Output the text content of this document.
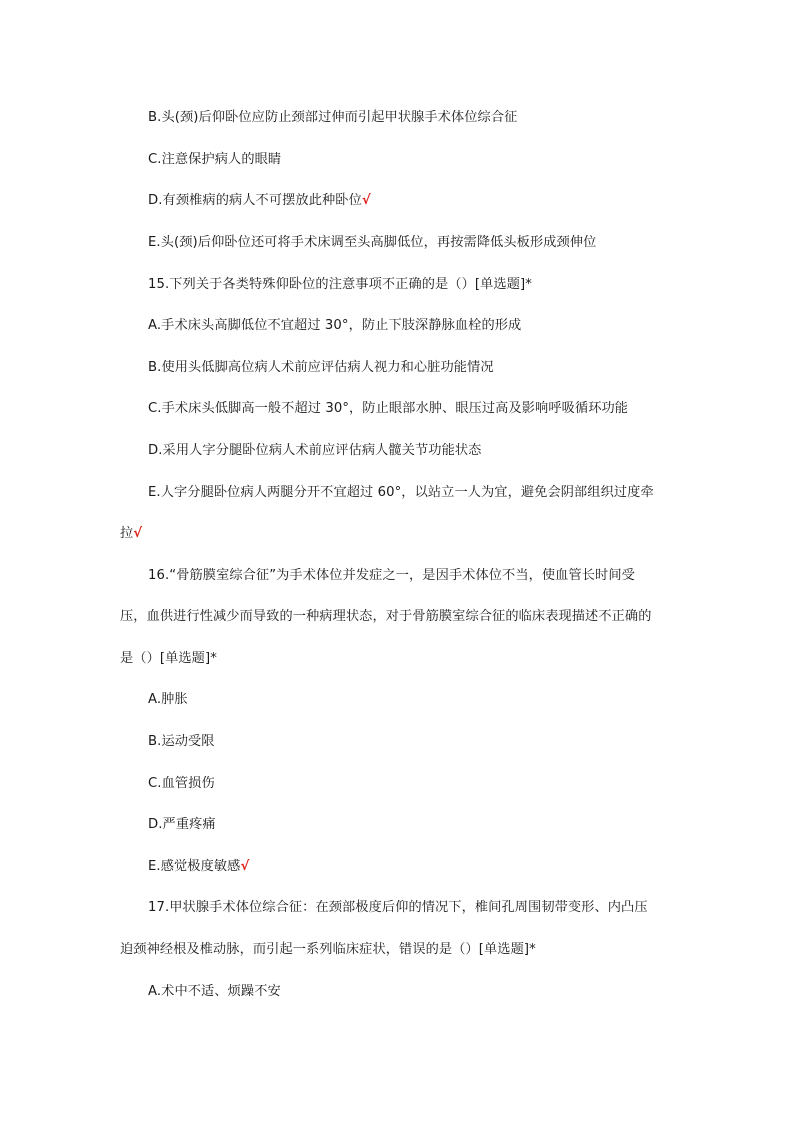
B.头(颈)后仰卧位应防止颈部过伸而引起甲状腺手术体位综合征
C.注意保护病人的眼睛
D.有颈椎病的病人不可摆放此种卧位√
E.头(颈)后仰卧位还可将手术床调至头高脚低位，再按需降低头板形成颈伸位
15.下列关于各类特殊仰卧位的注意事项不正确的是（）[单选题]*
A.手术床头高脚低位不宜超过 30°，防止下肢深静脉血栓的形成
B.使用头低脚高位病人术前应评估病人视力和心脏功能情况
C.手术床头低脚高一般不超过 30°，防止眼部水肿、眼压过高及影响呼吸循环功能
D.采用人字分腿卧位病人术前应评估病人髋关节功能状态
E.人字分腿卧位病人两腿分开不宜超过 60°，以站立一人为宜，避免会阴部组织过度牵
拉√
16.“骨筋膜室综合征”为手术体位并发症之一，是因手术体位不当，使血管长时间受
压，血供进行性减少而导致的一种病理状态，对于骨筋膜室综合征的临床表现描述不正确的
是（）[单选题]*
A.肿胀
B.运动受限
C.血管损伤
D.严重疼痛
E.感觉极度敏感√
17.甲状腺手术体位综合征：在颈部极度后仰的情况下，椎间孔周围韧带变形、内凸压
迫颈神经根及椎动脉，而引起一系列临床症状，错误的是（）[单选题]*
A.术中不适、烦躁不安
